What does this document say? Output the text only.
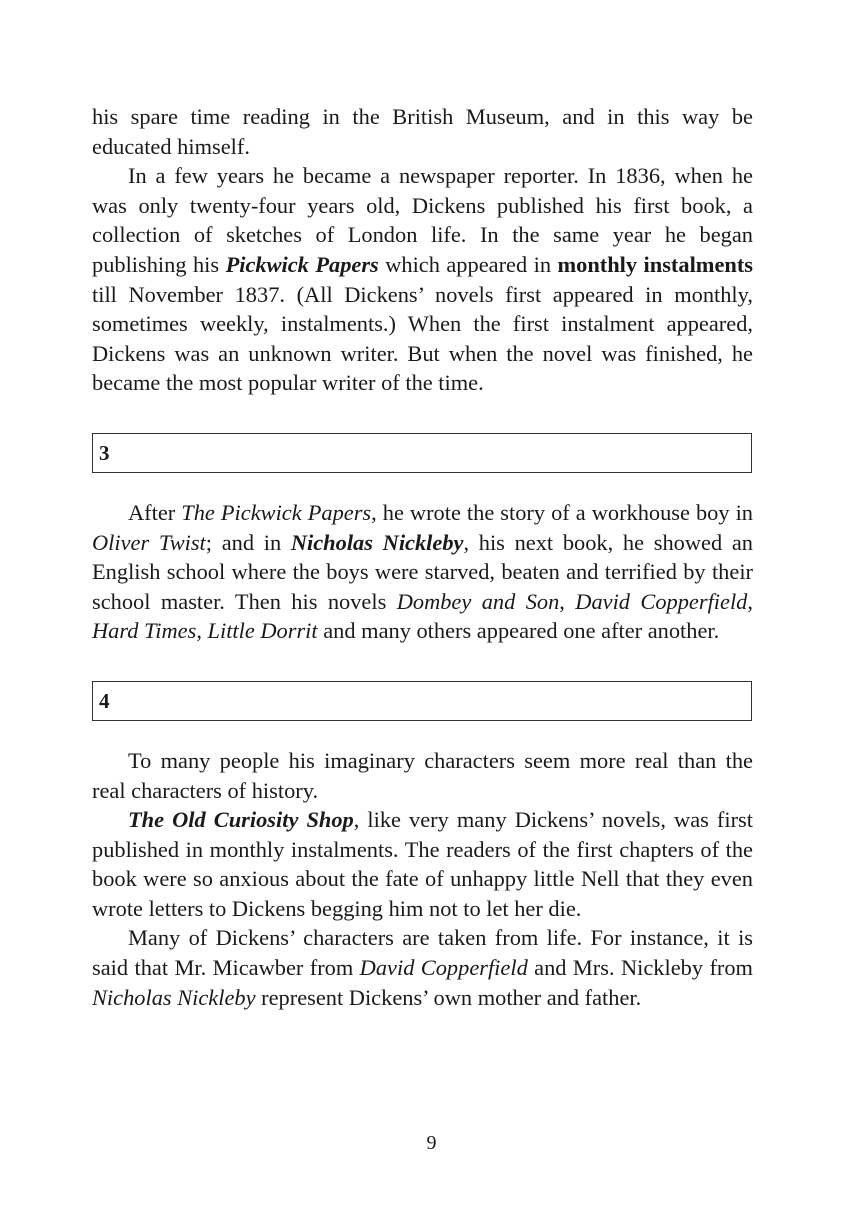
his spare time reading in the British Museum, and in this way be educated himself.

In a few years he became a newspaper reporter. In 1836, when he was only twenty-four years old, Dickens published his first book, a collection of sketches of London life. In the same year he began publishing his Pickwick Papers which appeared in monthly instalments till November 1837. (All Dickens’ novels first appeared in monthly, sometimes weekly, instalments.) When the first instalment appeared, Dickens was an unknown writer. But when the novel was finished, he became the most popular writer of the time.

3

After The Pickwick Papers, he wrote the story of a workhouse boy in Oliver Twist; and in Nicholas Nickleby, his next book, he showed an English school where the boys were starved, beaten and terrified by their school master. Then his novels Dombey and Son, David Copperfield, Hard Times, Little Dorrit and many others appeared one after another.

4

To many people his imaginary characters seem more real than the real characters of history.

The Old Curiosity Shop, like very many Dickens’ novels, was first published in monthly instalments. The readers of the first chapters of the book were so anxious about the fate of unhappy little Nell that they even wrote letters to Dickens begging him not to let her die.

Many of Dickens’ characters are taken from life. For instance, it is said that Mr. Micawber from David Copperfield and Mrs. Nickleby from Nicholas Nickleby represent Dickens’ own mother and father.

9
